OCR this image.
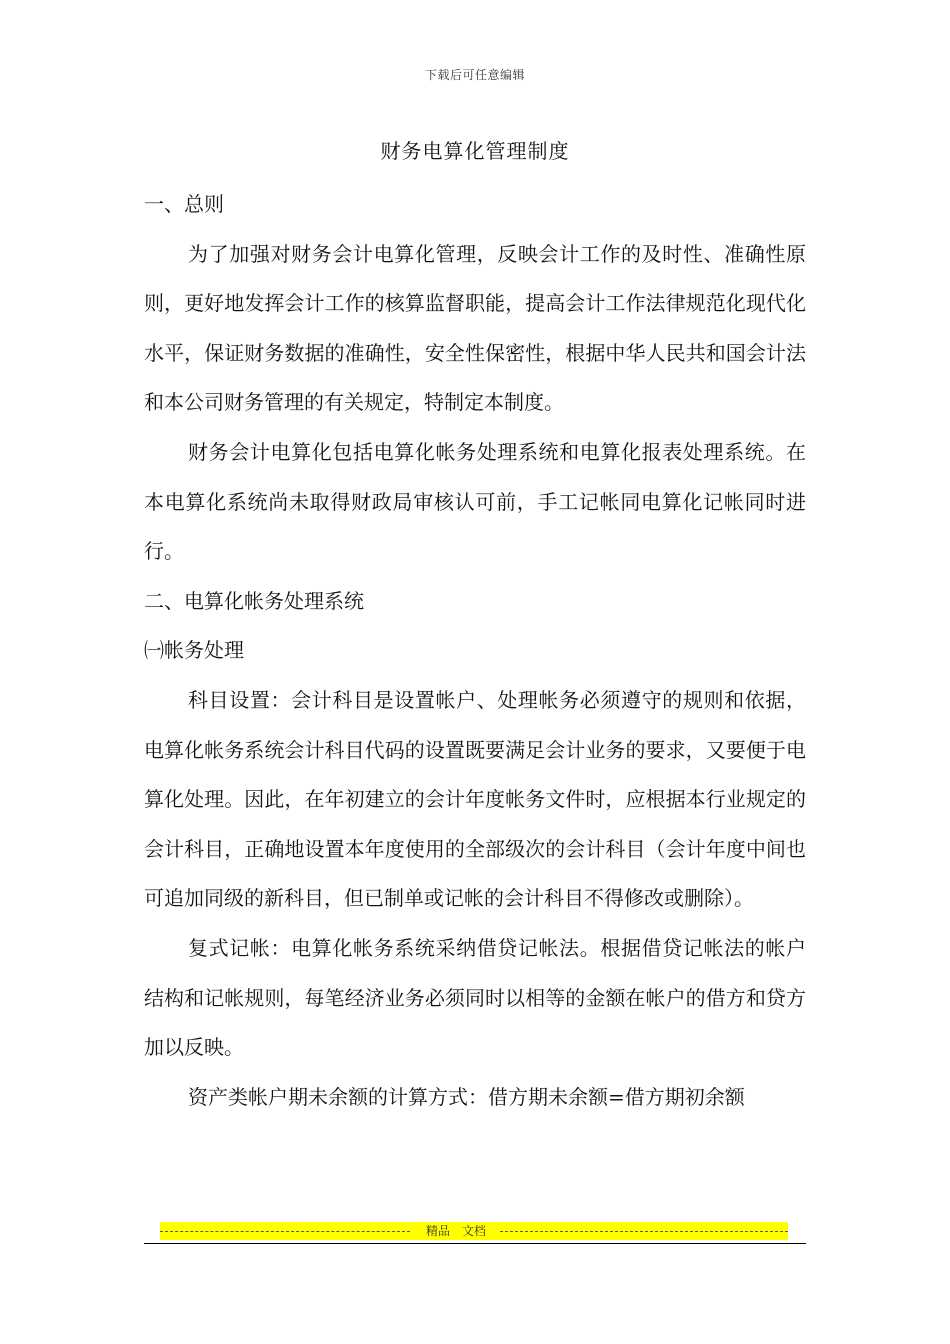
下载后可任意编辑
财务电算化管理制度

一、总则

为了加强对财务会计电算化管理，反映会计工作的及时性、准确性原则，更好地发挥会计工作的核算监督职能，提高会计工作法律规范化现代化水平，保证财务数据的准确性，安全性保密性，根据中华人民共和国会计法和本公司财务管理的有关规定，特制定本制度。

财务会计电算化包括电算化帐务处理系统和电算化报表处理系统。在本电算化系统尚未取得财政局审核认可前，手工记帐同电算化记帐同时进行。

二、电算化帐务处理系统

㈠帐务处理

科目设置：会计科目是设置帐户、处理帐务必须遵守的规则和依据，电算化帐务系统会计科目代码的设置既要满足会计业务的要求，又要便于电算化处理。因此，在年初建立的会计年度帐务文件时，应根据本行业规定的会计科目，正确地设置本年度使用的全部级次的会计科目（会计年度中间也可追加同级的新科目，但已制单或记帐的会计科目不得修改或删除）。

复式记帐：电算化帐务系统采纳借贷记帐法。根据借贷记帐法的帐户结构和记帐规则，每笔经济业务必须同时以相等的金额在帐户的借方和贷方加以反映。

资产类帐户期未余额的计算方式：借方期未余额=借方期初余额

精品　文档
